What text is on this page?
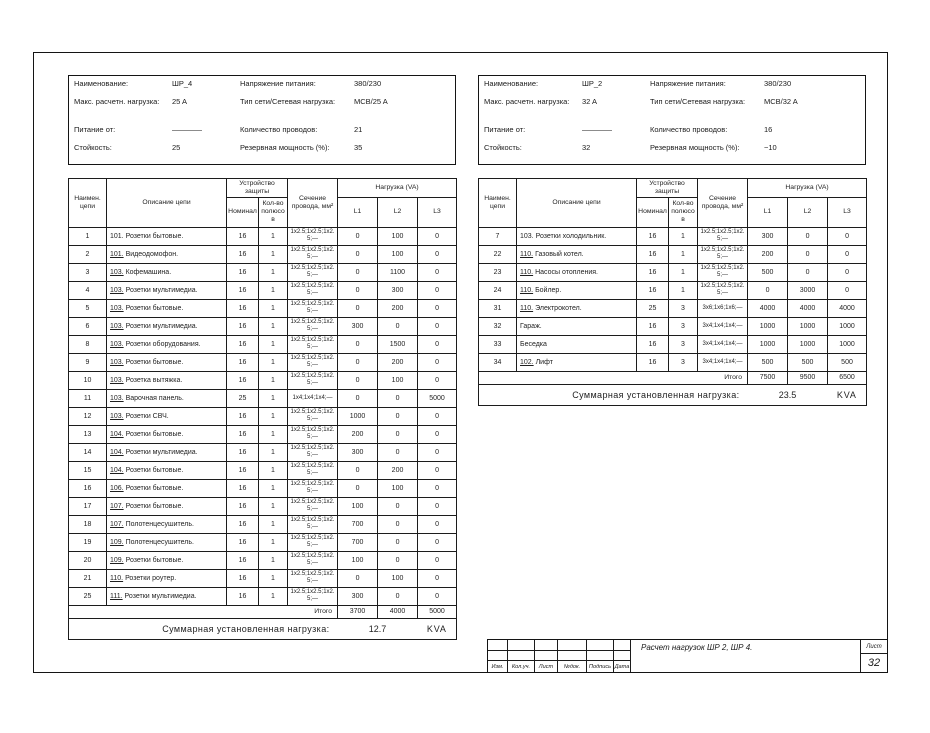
Наименование:	ШР_4	Напряжение питания:	380/230
Макс. расчетн. нагрузка:	25 A	Тип сети/Сетевая нагрузка:	MCB/25 A
Питание от:	————	Количество проводов:	21
Стойкость:	25	Резервная мощность (%):	35
Наимен. цепи	Описание цепи	Устройство защиты		Сечение провода, мм²	Нагрузка (VA)		
		Номинал	Кол-во полюсов		L1	L2	L3
1	101. Розетки бытовые.	16	1	1x2.5;1x2.5;1x2.5;—	0	100	0
2	101. Видеодомофон.	16	1	1x2.5;1x2.5;1x2.5;—	0	100	0
3	103. Кофемашина.	16	1	1x2.5;1x2.5;1x2.5;—	0	1100	0
4	103. Розетки мультимедиа.	16	1	1x2.5;1x2.5;1x2.5;—	0	300	0
5	103. Розетки бытовые.	16	1	1x2.5;1x2.5;1x2.5;—	0	200	0
6	103. Розетки мультимедиа.	16	1	1x2.5;1x2.5;1x2.5;—	300	0	0
8	103. Розетки оборудования.	16	1	1x2.5;1x2.5;1x2.5;—	0	1500	0
9	103. Розетки бытовые.	16	1	1x2.5;1x2.5;1x2.5;—	0	200	0
10	103. Розетка вытяжка.	16	1	1x2.5;1x2.5;1x2.5;—	0	100	0
11	103. Варочная панель.	25	1	1x4;1x4;1x4;—	0	0	5000
12	103. Розетки СВЧ.	16	1	1x2.5;1x2.5;1x2.5;—	1000	0	0
13	104. Розетки бытовые.	16	1	1x2.5;1x2.5;1x2.5;—	200	0	0
14	104. Розетки мультимедиа.	16	1	1x2.5;1x2.5;1x2.5;—	300	0	0
15	104. Розетки бытовые.	16	1	1x2.5;1x2.5;1x2.5;—	0	200	0
16	106. Розетки бытовые.	16	1	1x2.5;1x2.5;1x2.5;—	0	100	0
17	107. Розетки бытовые.	16	1	1x2.5;1x2.5;1x2.5;—	100	0	0
18	107. Полотенцесушитель.	16	1	1x2.5;1x2.5;1x2.5;—	700	0	0
19	109. Полотенцесушитель.	16	1	1x2.5;1x2.5;1x2.5;—	700	0	0
20	109. Розетки бытовые.	16	1	1x2.5;1x2.5;1x2.5;—	100	0	0
21	110. Розетки роутер.	16	1	1x2.5;1x2.5;1x2.5;—	0	100	0
25	111. Розетки мультимедиа.	16	1	1x2.5;1x2.5;1x2.5;—	300	0	0
Итого					3700	4000	5000
Суммарная установленная нагрузка:					12.7		KVA
Наименование:	ШР_2	Напряжение питания:	380/230
Макс. расчетн. нагрузка:	32 A	Тип сети/Сетевая нагрузка:	MCB/32 A
Питание от:	————	Количество проводов:	16
Стойкость:	32	Резервная мощность (%):	−10
Наимен. цепи	Описание цепи	Устройство защиты		Сечение провода, мм²	Нагрузка (VA)		
		Номинал	Кол-во полюсов		L1	L2	L3
7	103. Розетки холодильник.	16	1	1x2.5;1x2.5;1x2.5;—	300	0	0
22	110. Газовый котел.	16	1	1x2.5;1x2.5;1x2.5;—	200	0	0
23	110. Насосы отопления.	16	1	1x2.5;1x2.5;1x2.5;—	500	0	0
24	110. Бойлер.	16	1	1x2.5;1x2.5;1x2.5;—	0	3000	0
31	110. Электрокотел.	25	3	3x6;1x6;1x6;—	4000	4000	4000
32	Гараж.	16	3	3x4;1x4;1x4;—	1000	1000	1000
33	Беседка	16	3	3x4;1x4;1x4;—	1000	1000	1000
34	102. Лифт	16	3	3x4;1x4;1x4;—	500	500	500
Итого					7500	9500	6500
Суммарная установленная нагрузка:					23.5		KVA
Изм.	Кол.уч.	Лист	№док.	Подпись Дата
Расчет нагрузок ШР 2, ШР 4.	Лист
32
